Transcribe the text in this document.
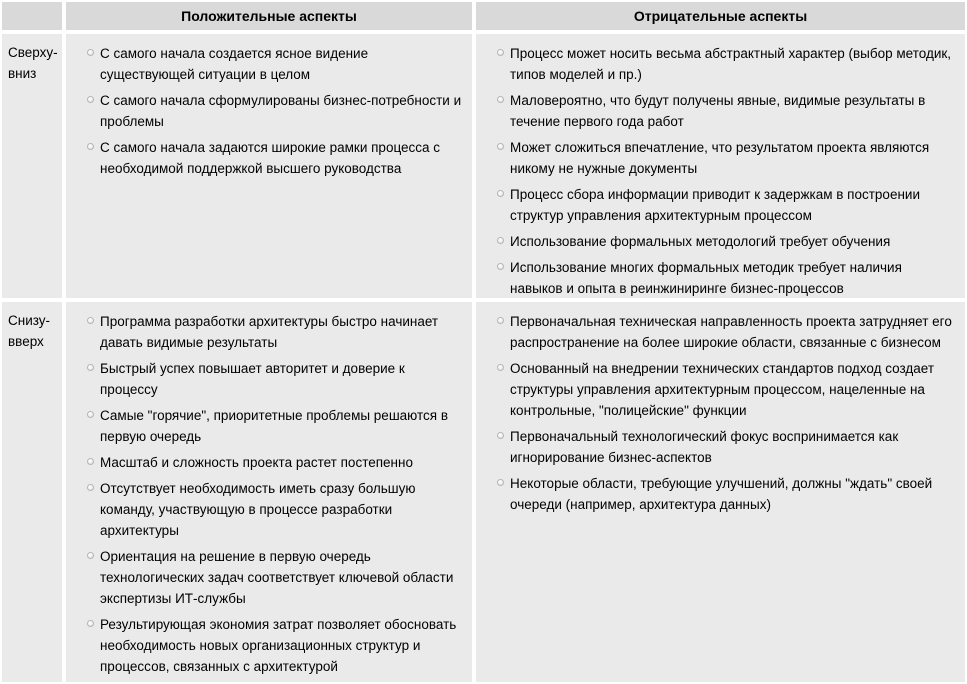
Положительные аспекты	Отрицательные аспекты
Сверху-вниз
С самого начала создается ясное видение существующей ситуации в целом
С самого начала сформулированы бизнес-потребности и проблемы
С самого начала задаются широкие рамки процесса с необходимой поддержкой высшего руководства
Процесс может носить весьма абстрактный характер (выбор методик, типов моделей и пр.)
Маловероятно, что будут получены явные, видимые результаты в течение первого года работ
Может сложиться впечатление, что результатом проекта являются никому не нужные документы
Процесс сбора информации приводит к задержкам в построении структур управления архитектурным процессом
Использование формальных методологий требует обучения
Использование многих формальных методик требует наличия навыков и опыта в реинжиниринге бизнес-процессов
Снизу-вверх
Программа разработки архитектуры быстро начинает давать видимые результаты
Быстрый успех повышает авторитет и доверие к процессу
Самые "горячие", приоритетные проблемы решаются в первую очередь
Масштаб и сложность проекта растет постепенно
Отсутствует необходимость иметь сразу большую команду, участвующую в процессе разработки архитектуры
Ориентация на решение в первую очередь технологических задач соответствует ключевой области экспертизы ИТ-службы
Результирующая экономия затрат позволяет обосновать необходимость новых организационных структур и процессов, связанных с архитектурой
Первоначальная техническая направленность проекта затрудняет его распространение на более широкие области, связанные с бизнесом
Основанный на внедрении технических стандартов подход создает структуры управления архитектурным процессом, нацеленные на контрольные, "полицейские" функции
Первоначальный технологический фокус воспринимается как игнорирование бизнес-аспектов
Некоторые области, требующие улучшений, должны "ждать" своей очереди (например, архитектура данных)
